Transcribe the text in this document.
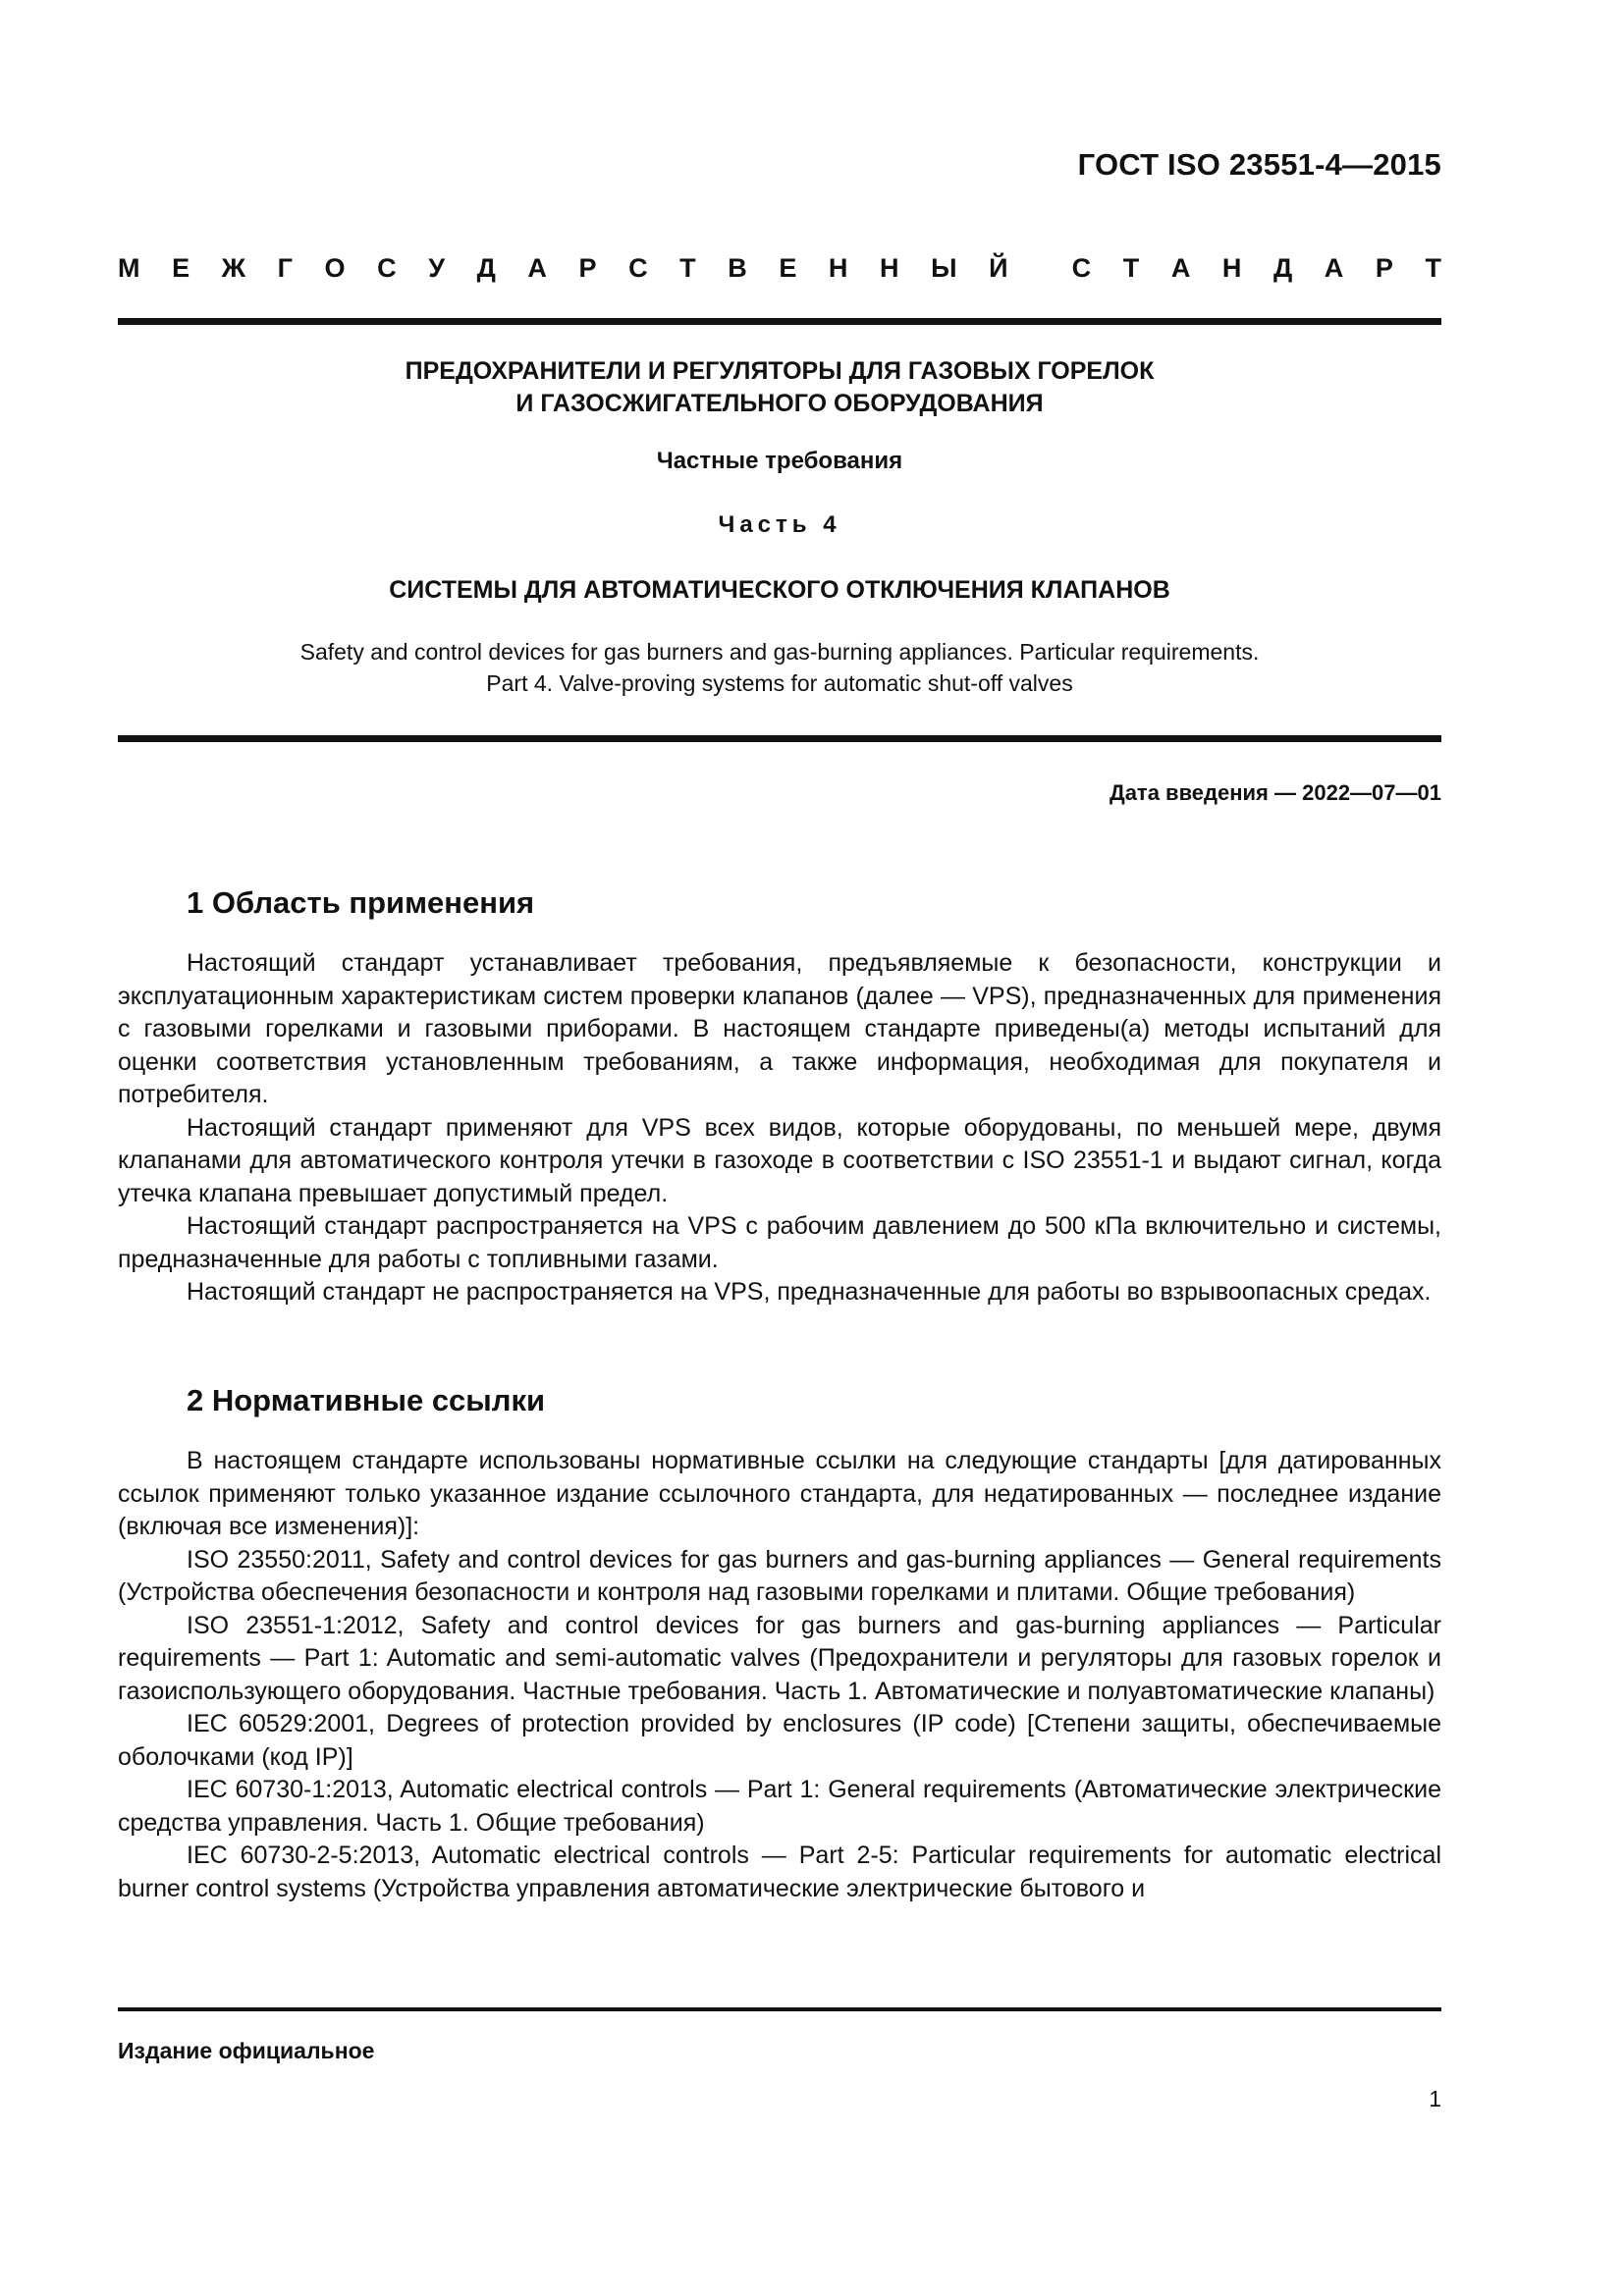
ГОСТ ISO 23551-4—2015
М Е Ж Г О С У Д А Р С Т В Е Н Н Ы Й С Т А Н Д А Р Т
ПРЕДОХРАНИТЕЛИ И РЕГУЛЯТОРЫ ДЛЯ ГАЗОВЫХ ГОРЕЛОК
И ГАЗОСЖИГАТЕЛЬНОГО ОБОРУДОВАНИЯ
Частные требования
Часть 4
СИСТЕМЫ ДЛЯ АВТОМАТИЧЕСКОГО ОТКЛЮЧЕНИЯ КЛАПАНОВ
Safety and control devices for gas burners and gas-burning appliances. Particular requirements.
Part 4. Valve-proving systems for automatic shut-off valves
Дата введения — 2022—07—01
1 Область применения

Настоящий стандарт устанавливает требования, предъявляемые к безопасности, конструкции и эксплуатационным характеристикам систем проверки клапанов (далее — VPS), предназначенных для применения с газовыми горелками и газовыми приборами. В настоящем стандарте приведены(а) методы испытаний для оценки соответствия установленным требованиям, а также информация, необходимая для покупателя и потребителя.

Настоящий стандарт применяют для VPS всех видов, которые оборудованы, по меньшей мере, двумя клапанами для автоматического контроля утечки в газоходе в соответствии с ISO 23551-1 и выдают сигнал, когда утечка клапана превышает допустимый предел.

Настоящий стандарт распространяется на VPS с рабочим давлением до 500 кПа включительно и системы, предназначенные для работы с топливными газами.

Настоящий стандарт не распространяется на VPS, предназначенные для работы во взрывоопасных средах.

2 Нормативные ссылки

В настоящем стандарте использованы нормативные ссылки на следующие стандарты [для датированных ссылок применяют только указанное издание ссылочного стандарта, для недатированных — последнее издание (включая все изменения)]:

ISO 23550:2011, Safety and control devices for gas burners and gas-burning appliances — General requirements (Устройства обеспечения безопасности и контроля над газовыми горелками и плитами. Общие требования)

ISO 23551-1:2012, Safety and control devices for gas burners and gas-burning appliances — Particular requirements — Part 1: Automatic and semi-automatic valves (Предохранители и регуляторы для газовых горелок и газоиспользующего оборудования. Частные требования. Часть 1. Автоматические и полуавтоматические клапаны)

IEC 60529:2001, Degrees of protection provided by enclosures (IP code) [Степени защиты, обеспечиваемые оболочками (код IP)]

IEC 60730-1:2013, Automatic electrical controls — Part 1: General requirements (Автоматические электрические средства управления. Часть 1. Общие требования)

IEC 60730-2-5:2013, Automatic electrical controls — Part 2-5: Particular requirements for automatic electrical burner control systems (Устройства управления автоматические электрические бытового и

Издание официальное
1
